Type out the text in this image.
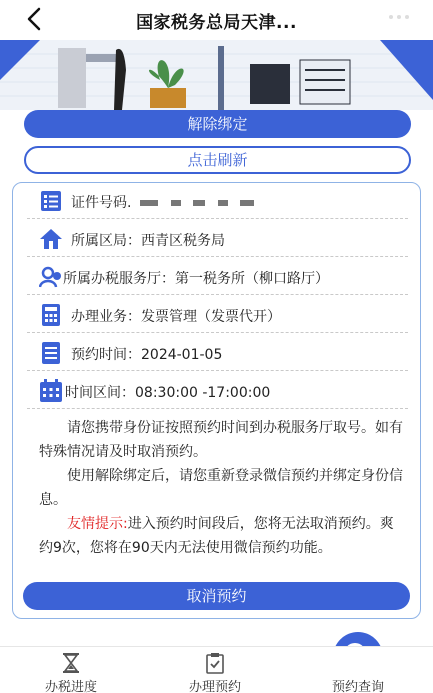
国家税务总局天津...
解除绑定
点击刷新
证件号码.
所属区局：西青区税务局
所属办税服务厅：第一税务所（柳口路厅）
办理业务：发票管理（发票代开）
预约时间：2024-01-05
时间区间：08:30:00 -17:00:00

请您携带身份证按照预约时间到办税服务厅取号。如有特殊情况请及时取消预约。

使用解除绑定后，请您重新登录微信预约并绑定身份信息。

友情提示:进入预约时间段后，您将无法取消预约。爽约9次，您将在90天内无法使用微信预约功能。

取消预约
办税进度	办理预约	预约查询
